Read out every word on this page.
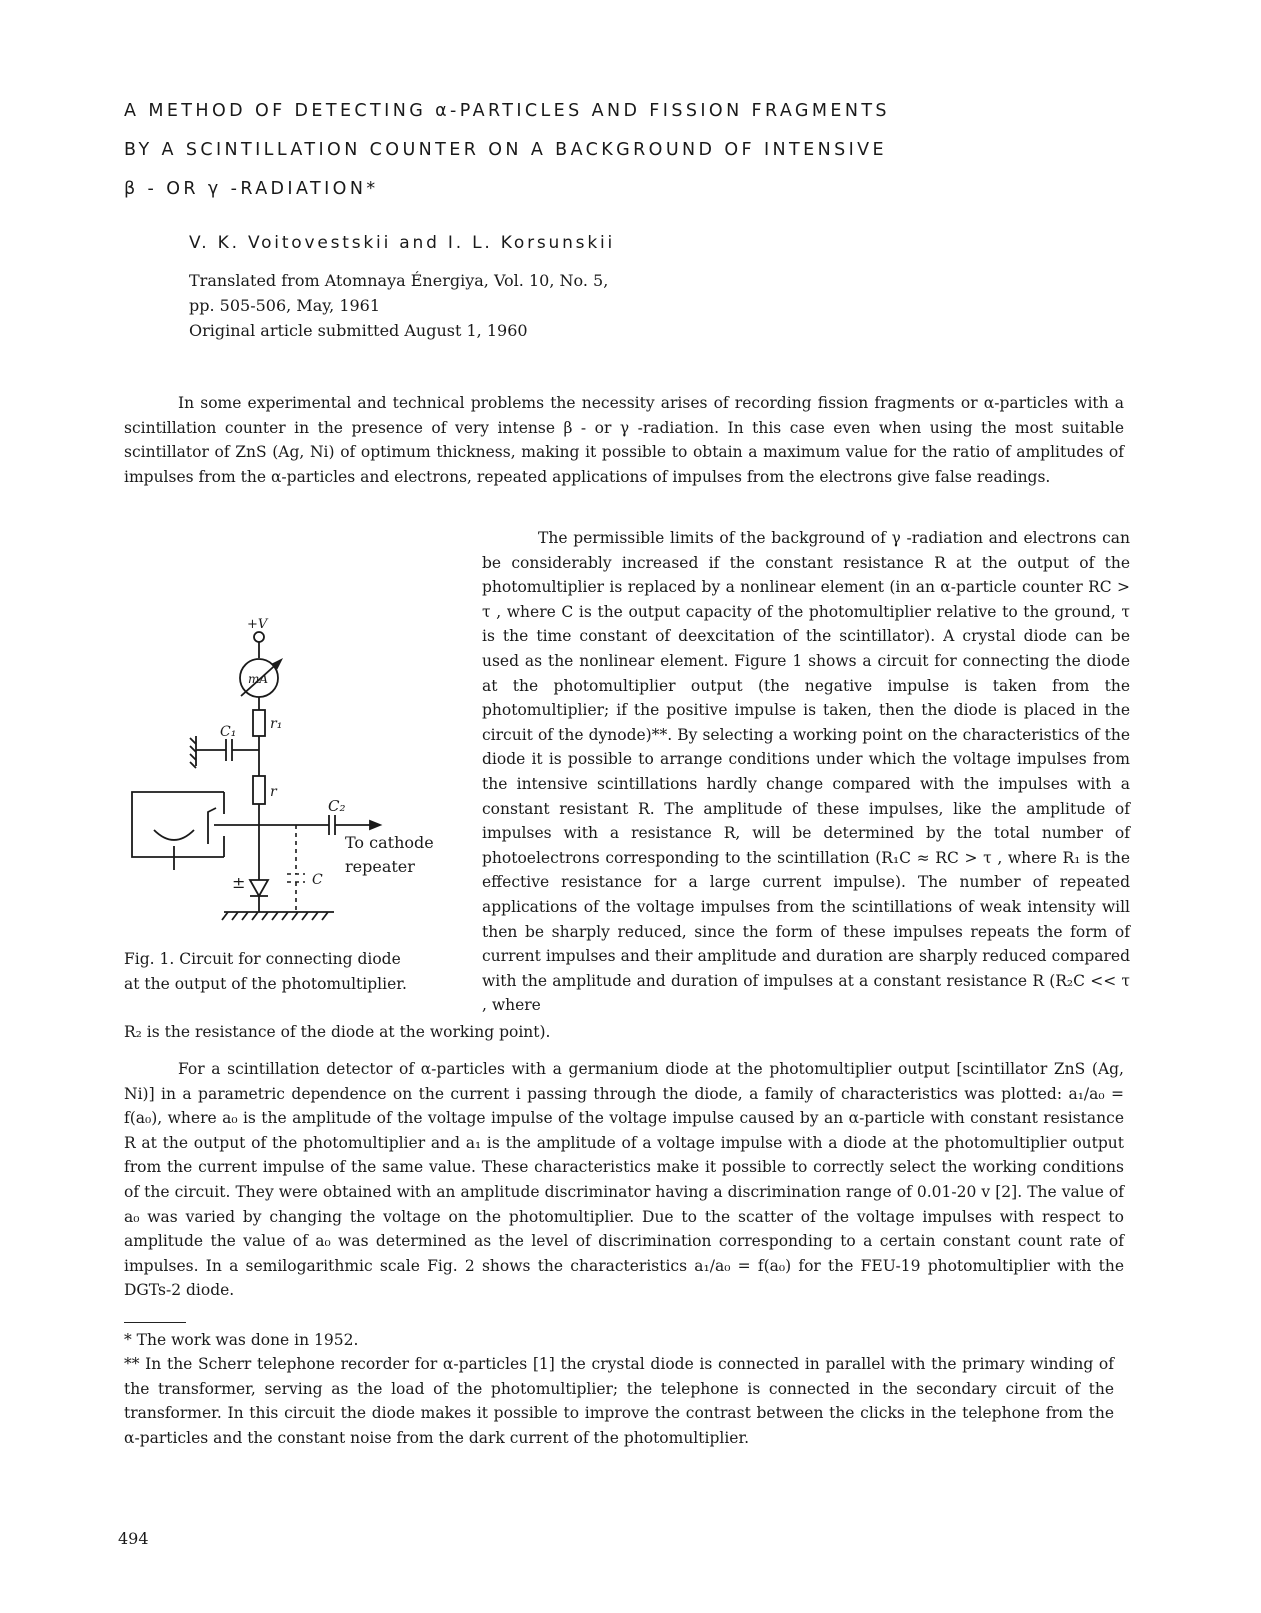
A METHOD OF DETECTING α-PARTICLES AND FISSION FRAGMENTS
BY A SCINTILLATION COUNTER ON A BACKGROUND OF INTENSIVE
β - OR γ -RADIATION*

V. K. Voitovestskii and I. L. Korsunskii

Translated from Atomnaya Énergiya, Vol. 10, No. 5,
pp. 505-506, May, 1961
Original article submitted August 1, 1960

In some experimental and technical problems the necessity arises of recording fission fragments or α-particles with a scintillation counter in the presence of very intense β - or γ -radiation. In this case even when using the most suitable scintillator of ZnS (Ag, Ni) of optimum thickness, making it possible to obtain a maximum value for the ratio of amplitudes of impulses from the α-particles and electrons, repeated applications of impulses from the electrons give false readings.

+V
mA
r₁
C₁
r
C₂
C
±
To cathode
repeater

Fig. 1. Circuit for connecting diode
at the output of the photomultiplier.

The permissible limits of the background of γ -radiation and electrons can be considerably increased if the constant resistance R at the output of the photomultiplier is replaced by a nonlinear element (in an α-particle counter RC > τ , where C is the output capacity of the photomultiplier relative to the ground, τ is the time constant of deexcitation of the scintillator). A crystal diode can be used as the nonlinear element. Figure 1 shows a circuit for connecting the diode at the photomultiplier output (the negative impulse is taken from the photomultiplier; if the positive impulse is taken, then the diode is placed in the circuit of the dynode)**. By selecting a working point on the characteristics of the diode it is possible to arrange conditions under which the voltage impulses from the intensive scintillations hardly change compared with the impulses with a constant resistant R. The amplitude of these impulses, like the amplitude of impulses with a resistance R, will be determined by the total number of photoelectrons corresponding to the scintillation (R₁C ≈ RC > τ , where R₁ is the effective resistance for a large current impulse). The number of repeated applications of the voltage impulses from the scintillations of weak intensity will then be sharply reduced, since the form of these impulses repeats the form of current impulses and their amplitude and duration are sharply reduced compared with the amplitude and duration of impulses at a constant resistance R (R₂C << τ , where

R₂ is the resistance of the diode at the working point).

For a scintillation detector of α-particles with a germanium diode at the photomultiplier output [scintillator ZnS (Ag, Ni)] in a parametric dependence on the current i passing through the diode, a family of characteristics was plotted: a₁/a₀ = f(a₀), where a₀ is the amplitude of the voltage impulse of the voltage impulse caused by an α-particle with constant resistance R at the output of the photomultiplier and a₁ is the amplitude of a voltage impulse with a diode at the photomultiplier output from the current impulse of the same value. These characteristics make it possible to correctly select the working conditions of the circuit. They were obtained with an amplitude discriminator having a discrimination range of 0.01-20 v [2]. The value of a₀ was varied by changing the voltage on the photomultiplier. Due to the scatter of the voltage impulses with respect to amplitude the value of a₀ was determined as the level of discrimination corresponding to a certain constant count rate of impulses. In a semilogarithmic scale Fig. 2 shows the characteristics a₁/a₀ = f(a₀) for the FEU-19 photomultiplier with the DGTs-2 diode.

* The work was done in 1952.

** In the Scherr telephone recorder for α-particles [1] the crystal diode is connected in parallel with the primary winding of the transformer, serving as the load of the photomultiplier; the telephone is connected in the secondary circuit of the transformer. In this circuit the diode makes it possible to improve the contrast between the clicks in the telephone from the α-particles and the constant noise from the dark current of the photomultiplier.

494
